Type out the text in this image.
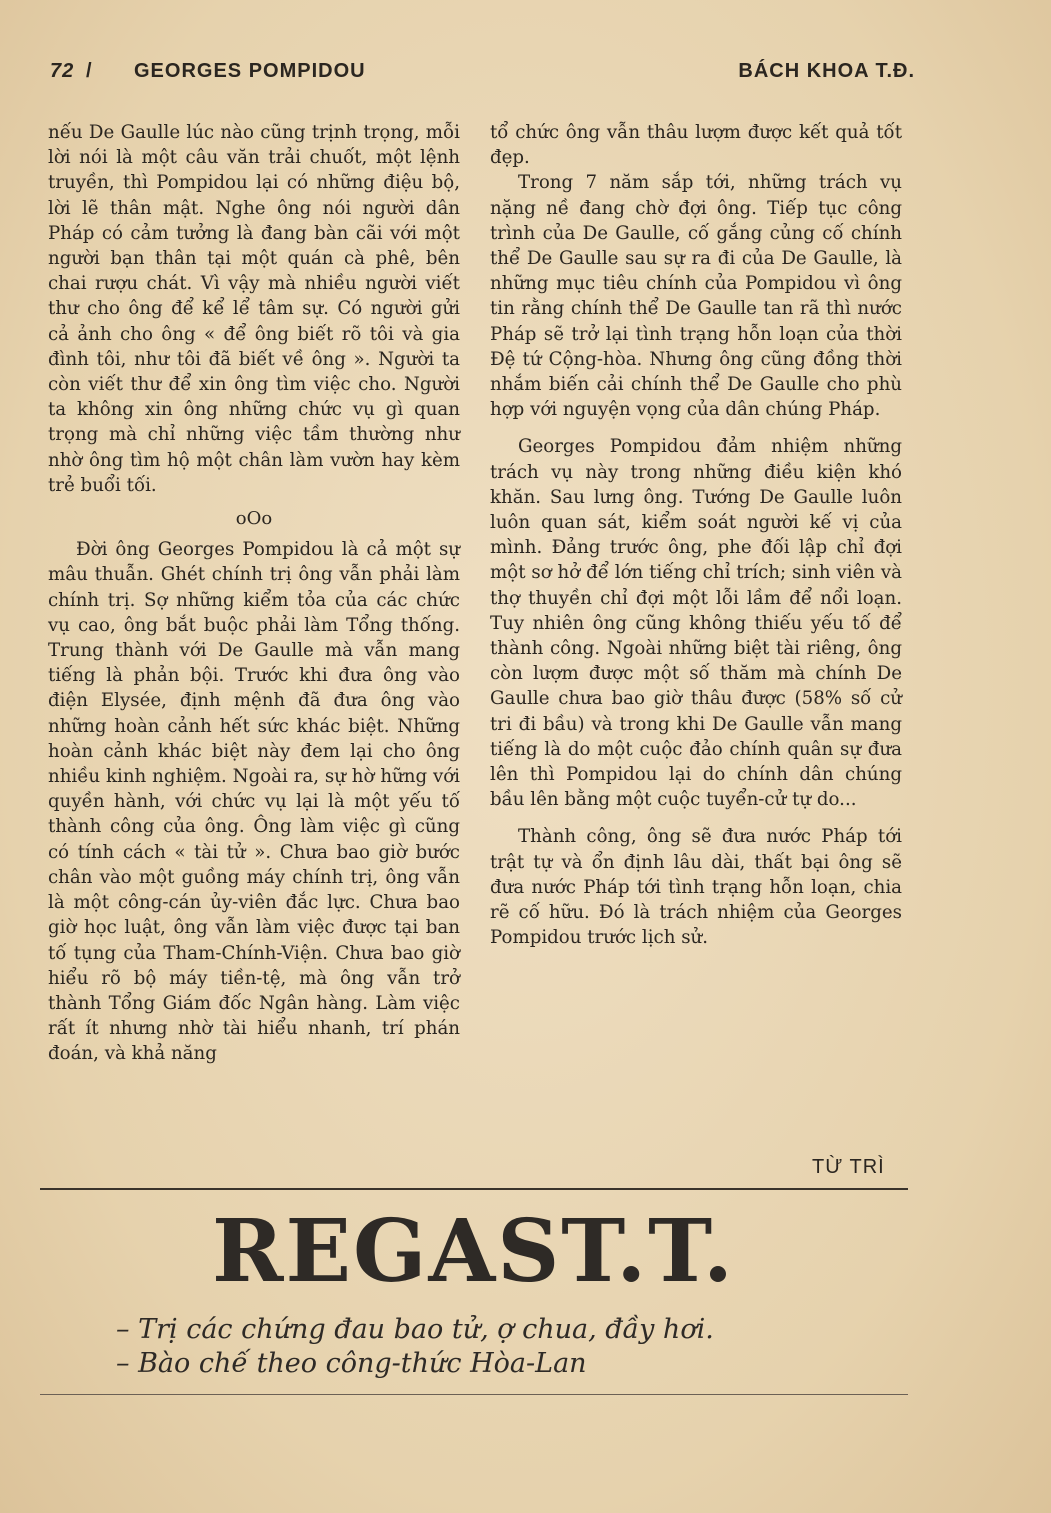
72 / GEORGES POMPIDOU	BÁCH KHOA T.Đ.

nếu De Gaulle lúc nào cũng trịnh trọng, mỗi lời nói là một câu văn trải chuốt, một lệnh truyền, thì Pompidou lại có những điệu bộ, lời lẽ thân mật. Nghe ông nói người dân Pháp có cảm tưởng là đang bàn cãi với một người bạn thân tại một quán cà phê, bên chai rượu chát. Vì vậy mà nhiều người viết thư cho ông để kể lể tâm sự. Có người gửi cả ảnh cho ông « để ông biết rõ tôi và gia đình tôi, như tôi đã biết về ông ». Người ta còn viết thư để xin ông tìm việc cho. Người ta không xin ông những chức vụ gì quan trọng mà chỉ những việc tầm thường như nhờ ông tìm hộ một chân làm vườn hay kèm trẻ buổi tối.

oOo

Đời ông Georges Pompidou là cả một sự mâu thuẫn. Ghét chính trị ông vẫn phải làm chính trị. Sợ những kiểm tỏa của các chức vụ cao, ông bắt buộc phải làm Tổng thống. Trung thành với De Gaulle mà vẫn mang tiếng là phản bội. Trước khi đưa ông vào điện Elysée, định mệnh đã đưa ông vào những hoàn cảnh hết sức khác biệt. Những hoàn cảnh khác biệt này đem lại cho ông nhiều kinh nghiệm. Ngoài ra, sự hờ hững với quyền hành, với chức vụ lại là một yếu tố thành công của ông. Ông làm việc gì cũng có tính cách « tài tử ». Chưa bao giờ bước chân vào một guồng máy chính trị, ông vẫn là một công-cán ủy-viên đắc lực. Chưa bao giờ học luật, ông vẫn làm việc được tại ban tố tụng của Tham-Chính-Viện. Chưa bao giờ hiểu rõ bộ máy tiền-tệ, mà ông vẫn trở thành Tổng Giám đốc Ngân hàng. Làm việc rất ít nhưng nhờ tài hiểu nhanh, trí phán đoán, và khả năng

tổ chức ông vẫn thâu lượm được kết quả tốt đẹp.

Trong 7 năm sắp tới, những trách vụ nặng nề đang chờ đợi ông. Tiếp tục công trình của De Gaulle, cố gắng củng cố chính thể De Gaulle sau sự ra đi của De Gaulle, là những mục tiêu chính của Pompidou vì ông tin rằng chính thể De Gaulle tan rã thì nước Pháp sẽ trở lại tình trạng hỗn loạn của thời Đệ tứ Cộng-hòa. Nhưng ông cũng đồng thời nhắm biến cải chính thể De Gaulle cho phù hợp với nguyện vọng của dân chúng Pháp.

Georges Pompidou đảm nhiệm những trách vụ này trong những điều kiện khó khăn. Sau lưng ông. Tướng De Gaulle luôn luôn quan sát, kiểm soát người kế vị của mình. Đảng trước ông, phe đối lập chỉ đợi một sơ hở để lớn tiếng chỉ trích; sinh viên và thợ thuyền chỉ đợi một lỗi lầm để nổi loạn. Tuy nhiên ông cũng không thiếu yếu tố để thành công. Ngoài những biệt tài riêng, ông còn lượm được một số thăm mà chính De Gaulle chưa bao giờ thâu được (58% số cử tri đi bầu) và trong khi De Gaulle vẫn mang tiếng là do một cuộc đảo chính quân sự đưa lên thì Pompidou lại do chính dân chúng bầu lên bằng một cuộc tuyển-cử tự do...

Thành công, ông sẽ đưa nước Pháp tới trật tự và ổn định lâu dài, thất bại ông sẽ đưa nước Pháp tới tình trạng hỗn loạn, chia rẽ cố hữu. Đó là trách nhiệm của Georges Pompidou trước lịch sử.

TỪ TRÌ
REGAST.T.
– Trị các chứng đau bao tử, ợ chua, đầy hơi.
– Bào chế theo công-thức Hòa-Lan
